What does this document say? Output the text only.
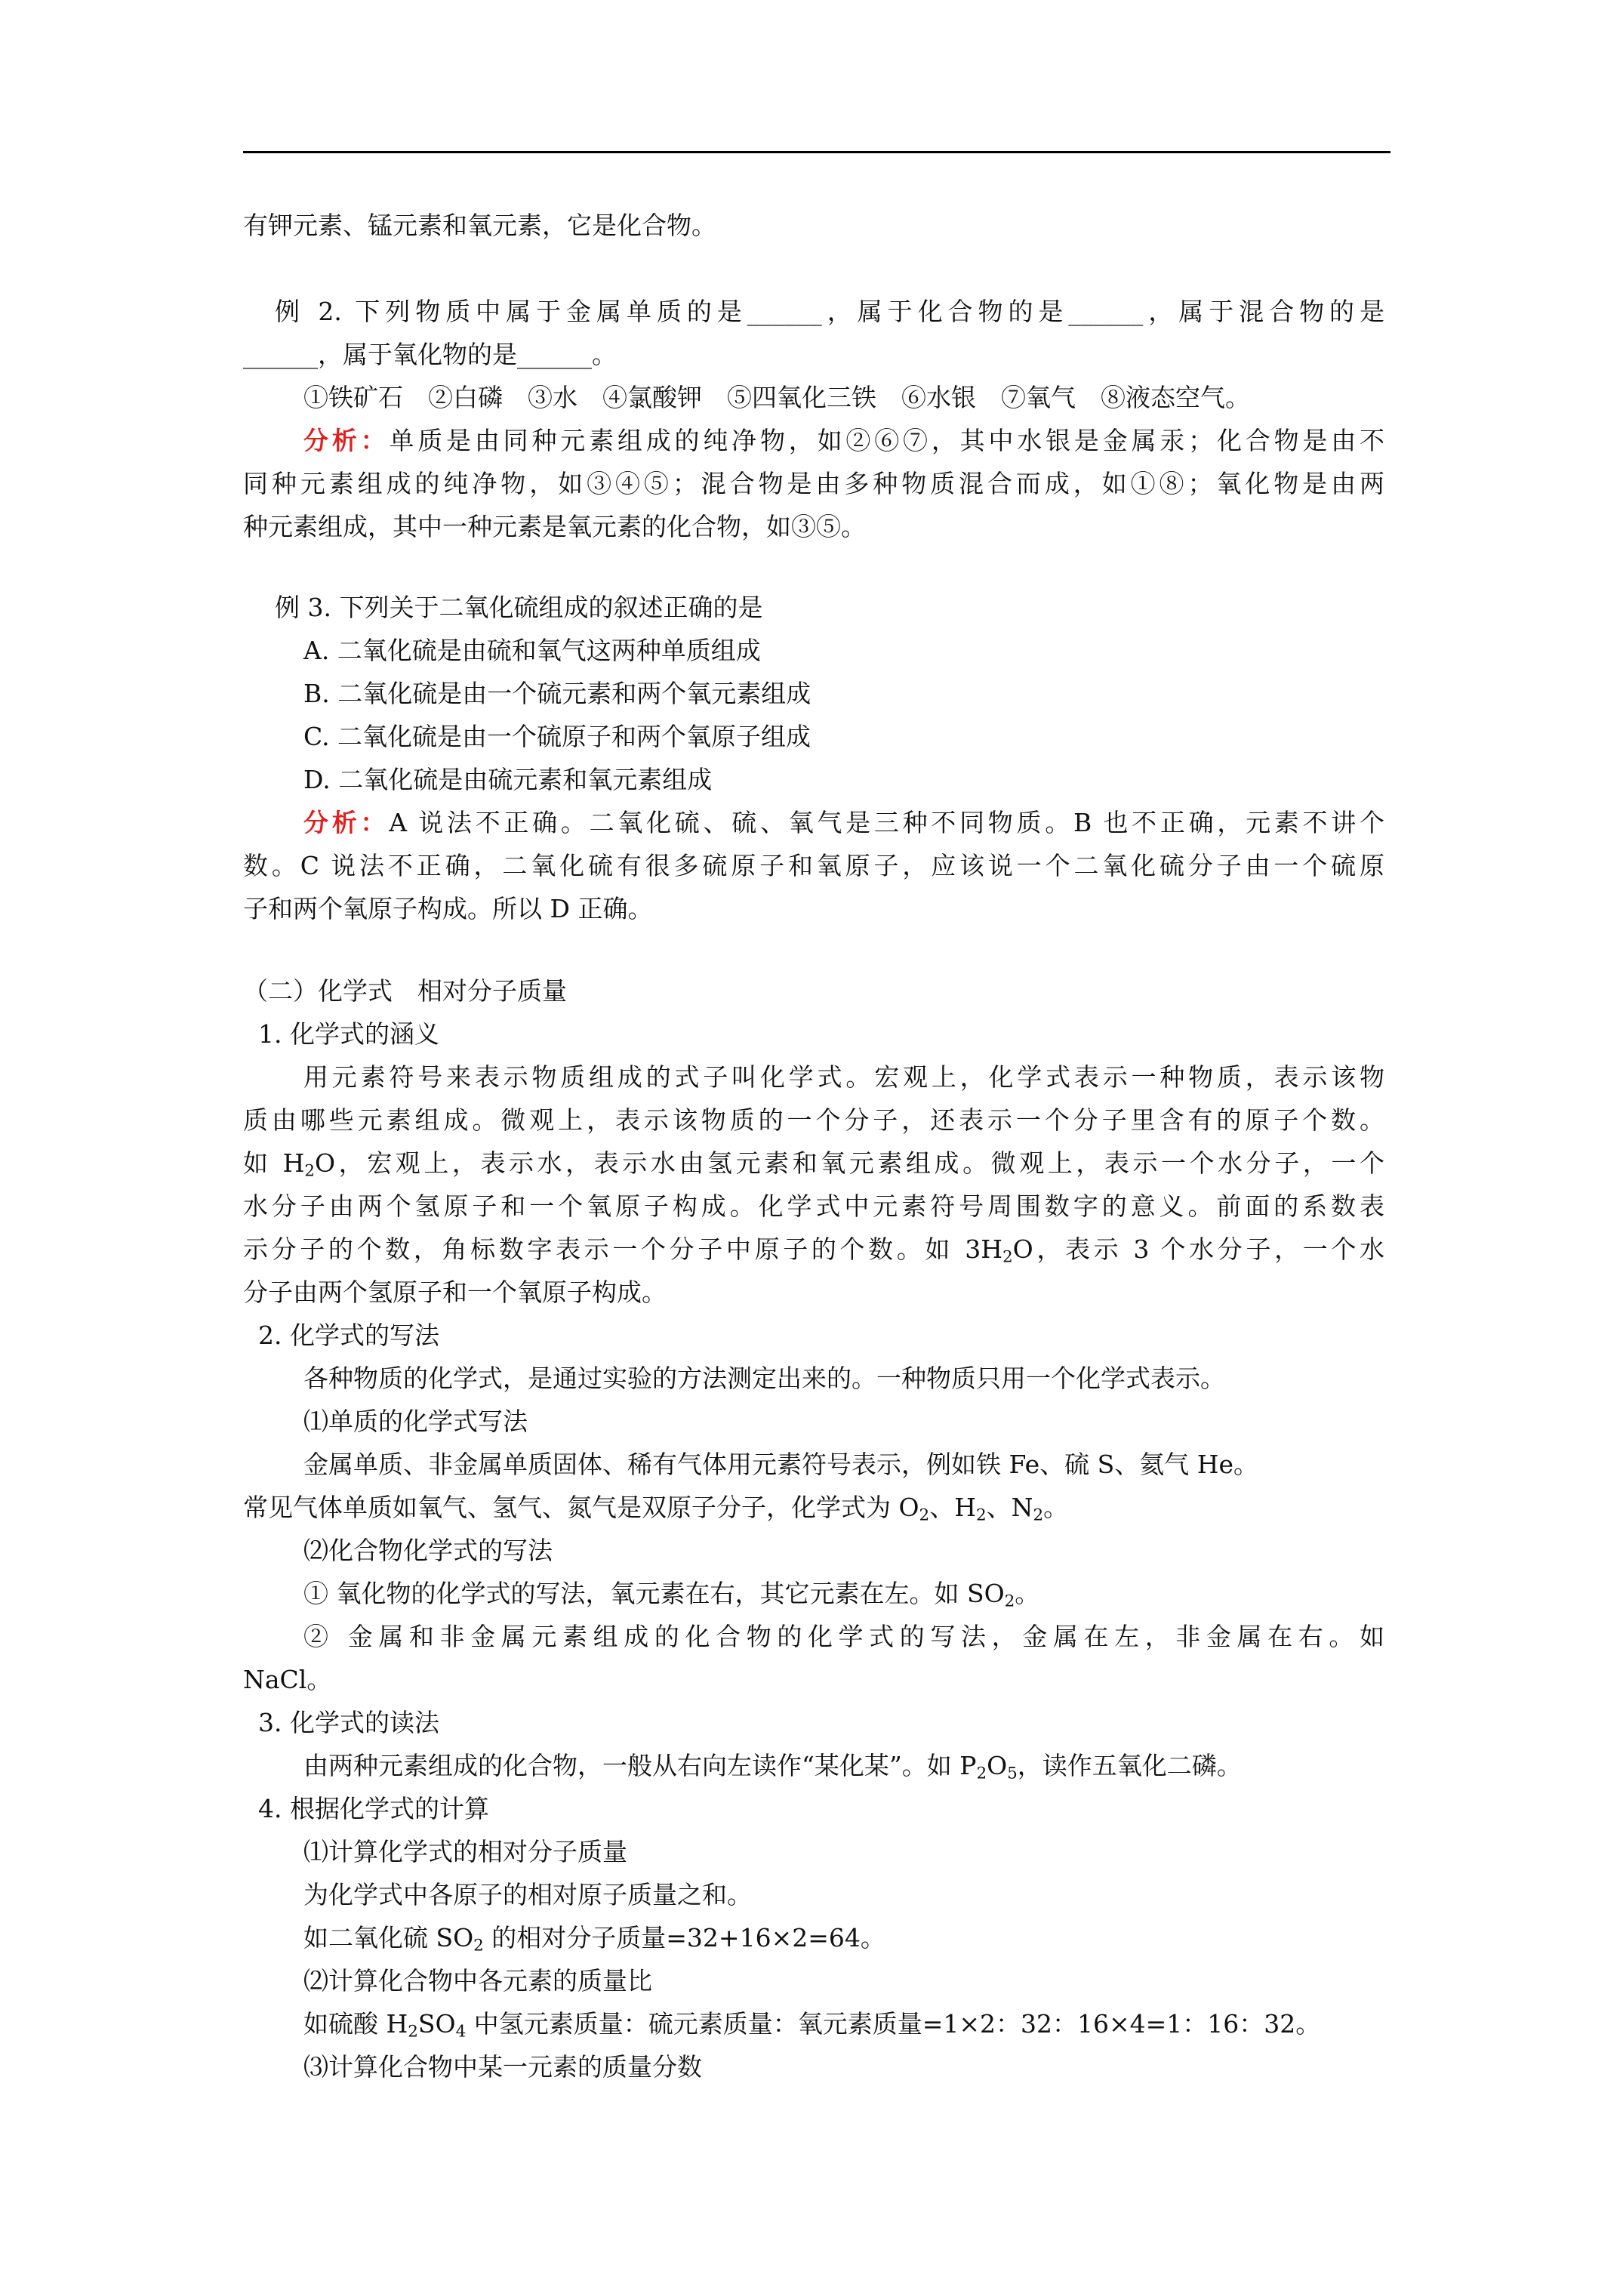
有钾元素、锰元素和氧元素，它是化合物。
例 2. 下列物质中属于金属单质的是______，属于化合物的是______，属于混合物的是
______，属于氧化物的是______。
①铁矿石　②白磷　③水　④氯酸钾　⑤四氧化三铁　⑥水银　⑦氧气　⑧液态空气。
分析：单质是由同种元素组成的纯净物，如②⑥⑦，其中水银是金属汞；化合物是由不
同种元素组成的纯净物，如③④⑤；混合物是由多种物质混合而成，如①⑧；氧化物是由两
种元素组成，其中一种元素是氧元素的化合物，如③⑤。
例 3. 下列关于二氧化硫组成的叙述正确的是
A. 二氧化硫是由硫和氧气这两种单质组成
B. 二氧化硫是由一个硫元素和两个氧元素组成
C. 二氧化硫是由一个硫原子和两个氧原子组成
D. 二氧化硫是由硫元素和氧元素组成
分析：A 说法不正确。二氧化硫、硫、氧气是三种不同物质。B 也不正确，元素不讲个
数。C 说法不正确，二氧化硫有很多硫原子和氧原子，应该说一个二氧化硫分子由一个硫原
子和两个氧原子构成。所以 D 正确。
（二）化学式　相对分子质量
1. 化学式的涵义
用元素符号来表示物质组成的式子叫化学式。宏观上，化学式表示一种物质，表示该物
质由哪些元素组成。微观上，表示该物质的一个分子，还表示一个分子里含有的原子个数。
如 $H_2O$，宏观上，表示水，表示水由氢元素和氧元素组成。微观上，表示一个水分子，一个
水分子由两个氢原子和一个氧原子构成。化学式中元素符号周围数字的意义。前面的系数表
示分子的个数，角标数字表示一个分子中原子的个数。如 $3H_2O$，表示 3 个水分子，一个水
分子由两个氢原子和一个氧原子构成。
2. 化学式的写法
各种物质的化学式，是通过实验的方法测定出来的。一种物质只用一个化学式表示。
⑴单质的化学式写法
金属单质、非金属单质固体、稀有气体用元素符号表示，例如铁 Fe、硫 S、氦气 He。
常见气体单质如氧气、氢气、氮气是双原子分子，化学式为 $O_2$、$H_2$、$N_2$。
⑵化合物化学式的写法
① 氧化物的化学式的写法，氧元素在右，其它元素在左。如 $SO_2$。
② 金属和非金属元素组成的化合物的化学式的写法，金属在左，非金属在右。如
NaCl。
3. 化学式的读法
由两种元素组成的化合物，一般从右向左读作“某化某”。如 $P_2O_5$，读作五氧化二磷。
4. 根据化学式的计算
⑴计算化学式的相对分子质量
为化学式中各原子的相对原子质量之和。
如二氧化硫 $SO_2$ 的相对分子质量=32+16×2=64。
⑵计算化合物中各元素的质量比
如硫酸 $H_2SO_4$ 中氢元素质量：硫元素质量：氧元素质量=1×2：32：16×4=1：16：32。
⑶计算化合物中某一元素的质量分数
